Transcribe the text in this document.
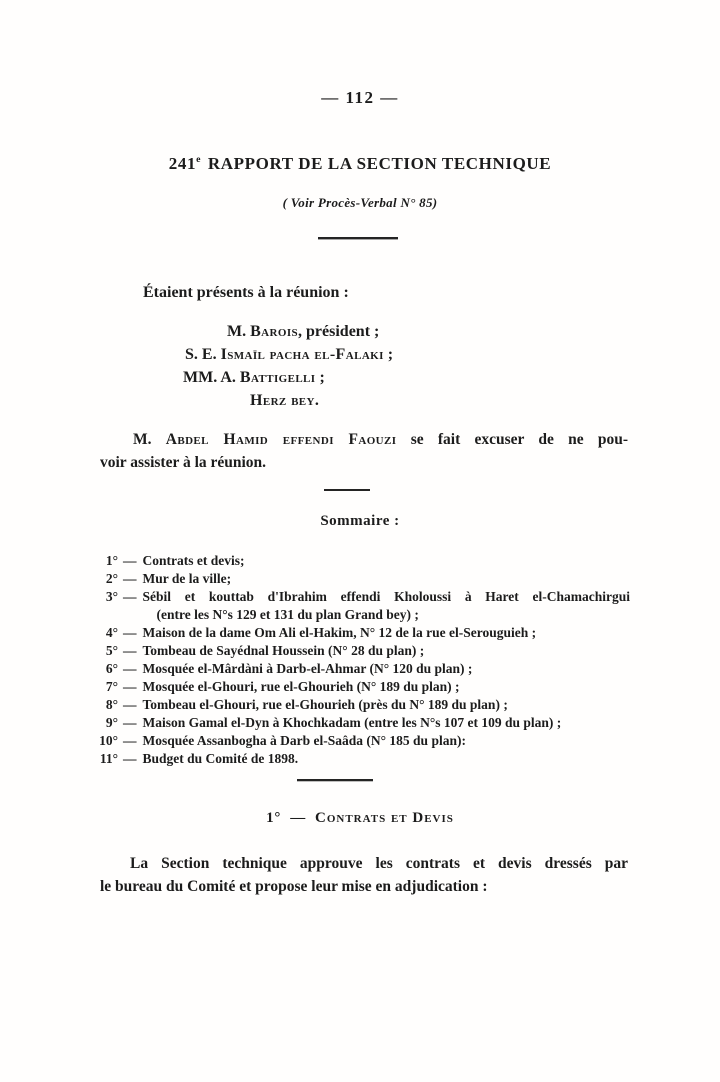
— 112 —
241e RAPPORT DE LA SECTION TECHNIQUE
( Voir Procès-Verbal N° 85)
Étaient présents à la réunion :
M. Barois, président ;
S. E. Ismaïl pacha el-Falaki ;
MM. A. Battigelli ;
Herz bey.
M. Abdel Hamid effendi Faouzi se fait excuser de ne pou-
voir assister à la réunion.
Sommaire :
1° — Contrats et devis;
2° — Mur de la ville;
3° — Sébil et kouttab d'Ibrahim effendi Kholoussi à Haret el-Chamachirgui
(entre les N°s 129 et 131 du plan Grand bey) ;
4° — Maison de la dame Om Ali el-Hakim, N° 12 de la rue el-Serouguieh ;
5° — Tombeau de Sayédnal Houssein (N° 28 du plan) ;
6° — Mosquée el-Mârdàni à Darb-el-Ahmar (N° 120 du plan) ;
7° — Mosquée el-Ghouri, rue el-Ghourieh (N° 189 du plan) ;
8° — Tombeau el-Ghouri, rue el-Ghourieh (près du N° 189 du plan) ;
9° — Maison Gamal el-Dyn à Khochkadam (entre les N°s 107 et 109 du plan) ;
10° — Mosquée Assanbogha à Darb el-Saâda (N° 185 du plan):
11° — Budget du Comité de 1898.
1° — Contrats et Devis
La Section technique approuve les contrats et devis dressés par
le bureau du Comité et propose leur mise en adjudication :
